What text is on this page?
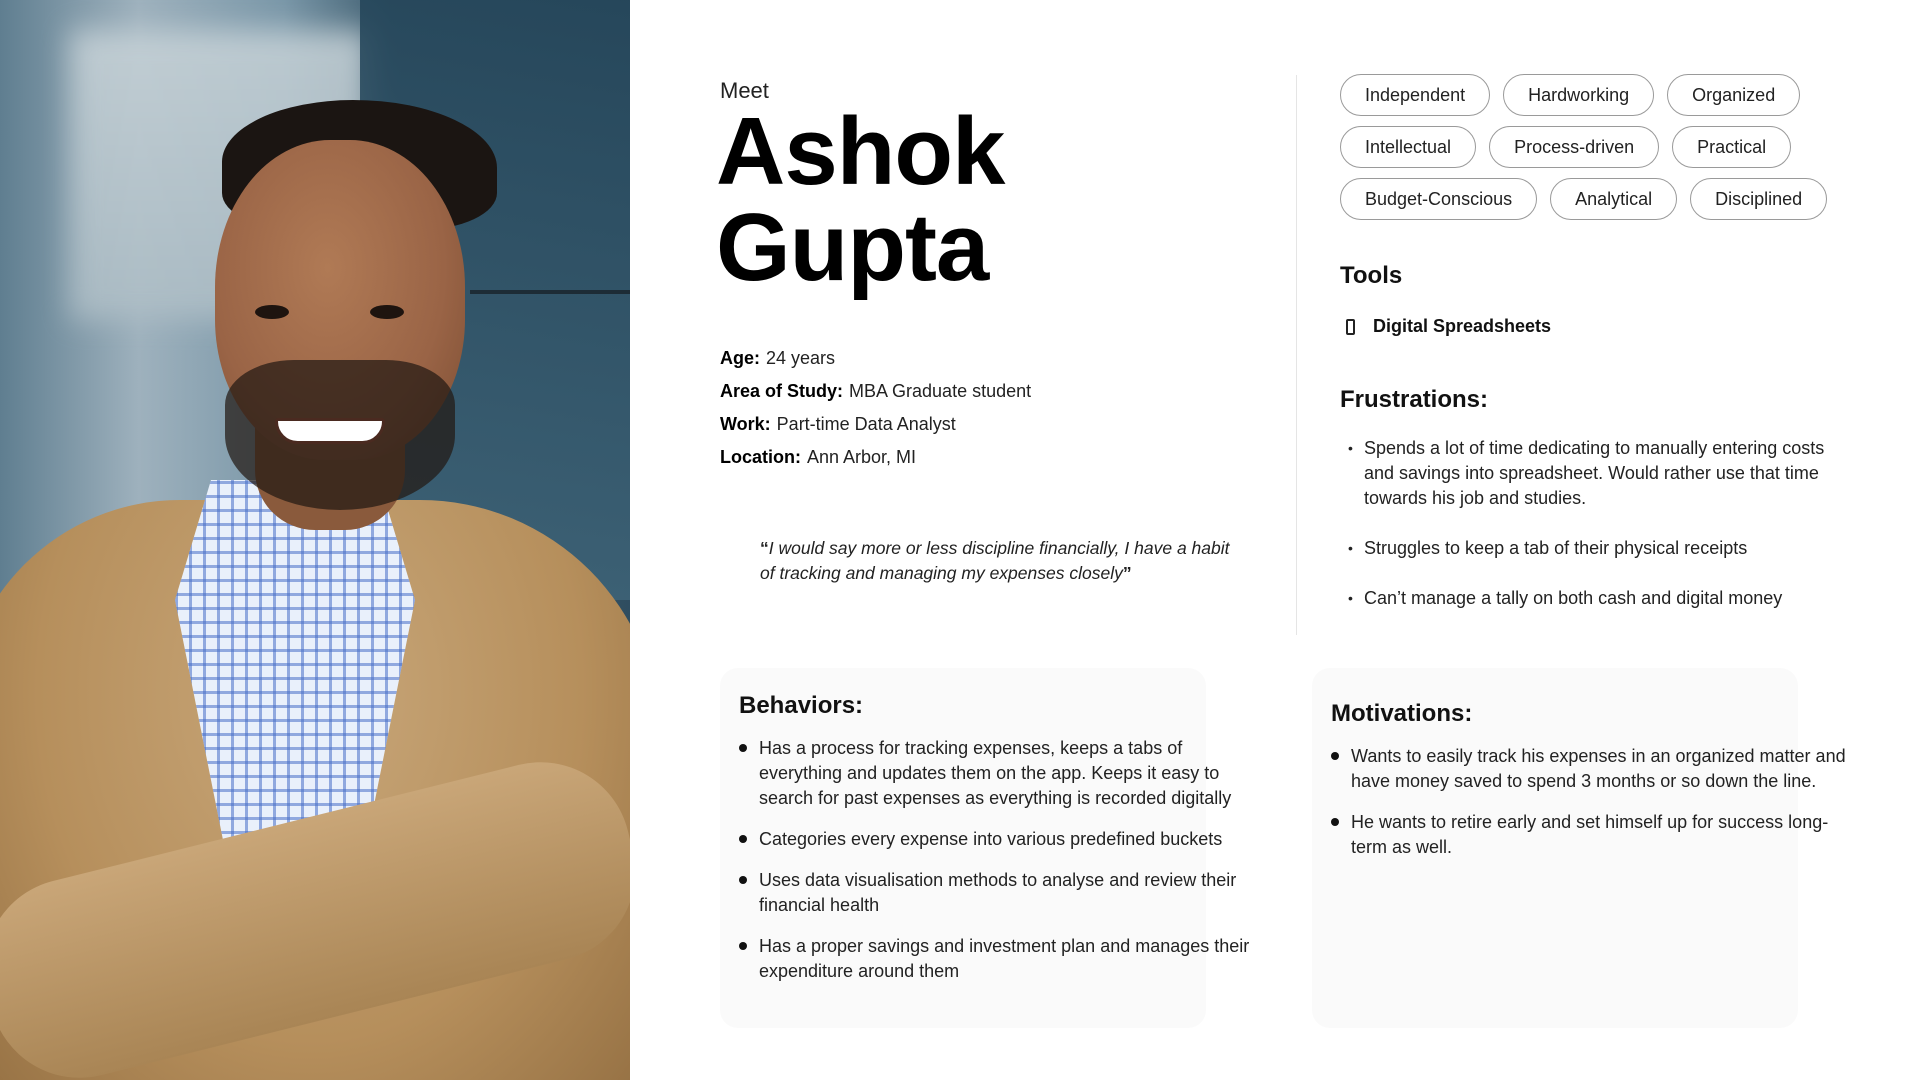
Meet
Ashok
Gupta
Age: 24 years
Area of Study: MBA Graduate student
Work: Part-time Data Analyst
Location: Ann Arbor, MI
“I would say more or less discipline financially, I have a habit of tracking and managing my expenses closely”
Independent	Hardworking	Organized
Intellectual	Process-driven	Practical
Budget-Conscious	Analytical	Disciplined
Tools
Digital Spreadsheets
Frustrations:
• Spends a lot of time dedicating to manually entering costs and savings into spreadsheet. Would rather use that time towards his job and studies.
• Struggles to keep a tab of their physical receipts
• Can’t manage a tally on both cash and digital money
Behaviors:
Has a process for tracking expenses, keeps a tabs of everything and updates them on the app. Keeps it easy to search for past expenses as everything is recorded digitally
Categories every expense into various predefined buckets
Uses data visualisation methods to analyse and review their financial health
Has a proper savings and investment plan and manages their expenditure around them
Motivations:
Wants to easily track his expenses in an organized matter and have money saved to spend 3 months or so down the line.
He wants to retire early and set himself up for success long-term as well.
